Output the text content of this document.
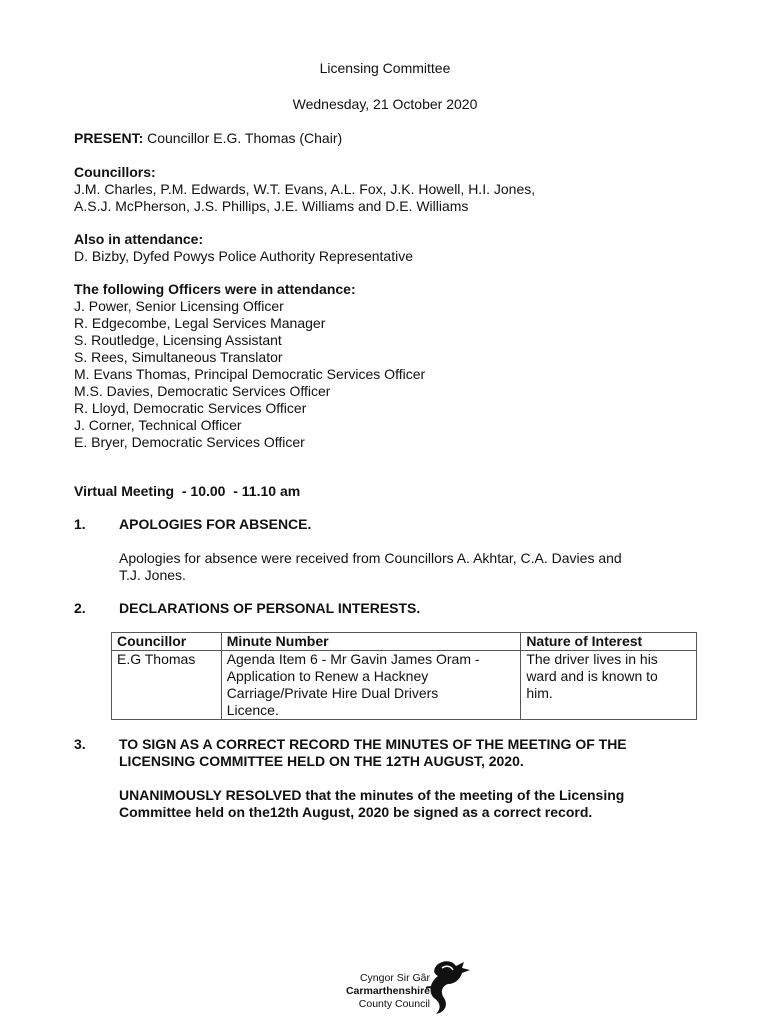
Licensing Committee
Wednesday, 21 October 2020
PRESENT: Councillor E.G. Thomas (Chair)
Councillors:
J.M. Charles, P.M. Edwards, W.T. Evans, A.L. Fox, J.K. Howell, H.I. Jones,
A.S.J. McPherson, J.S. Phillips, J.E. Williams and D.E. Williams
Also in attendance:
D. Bizby, Dyfed Powys Police Authority Representative
The following Officers were in attendance:
J. Power, Senior Licensing Officer
R. Edgecombe, Legal Services Manager
S. Routledge, Licensing Assistant
S. Rees, Simultaneous Translator
M. Evans Thomas, Principal Democratic Services Officer
M.S. Davies, Democratic Services Officer
R. Lloyd, Democratic Services Officer
J. Corner, Technical Officer
E. Bryer, Democratic Services Officer
Virtual Meeting  - 10.00  - 11.10 am
1. APOLOGIES FOR ABSENCE.
Apologies for absence were received from Councillors A. Akhtar, C.A. Davies and
T.J. Jones.
2. DECLARATIONS OF PERSONAL INTERESTS.
Councillor	Minute Number	Nature of Interest
E.G Thomas	Agenda Item 6 - Mr Gavin James Oram -
Application to Renew a Hackney
Carriage/Private Hire Dual Drivers
Licence.	The driver lives in his
ward and is known to
him.
3. TO SIGN AS A CORRECT RECORD THE MINUTES OF THE MEETING OF THE
LICENSING COMMITTEE HELD ON THE 12TH AUGUST, 2020.
UNANIMOUSLY RESOLVED that the minutes of the meeting of the Licensing
Committee held on the12th August, 2020 be signed as a correct record.
Cyngor Sir Gâr
Carmarthenshire
County Council
